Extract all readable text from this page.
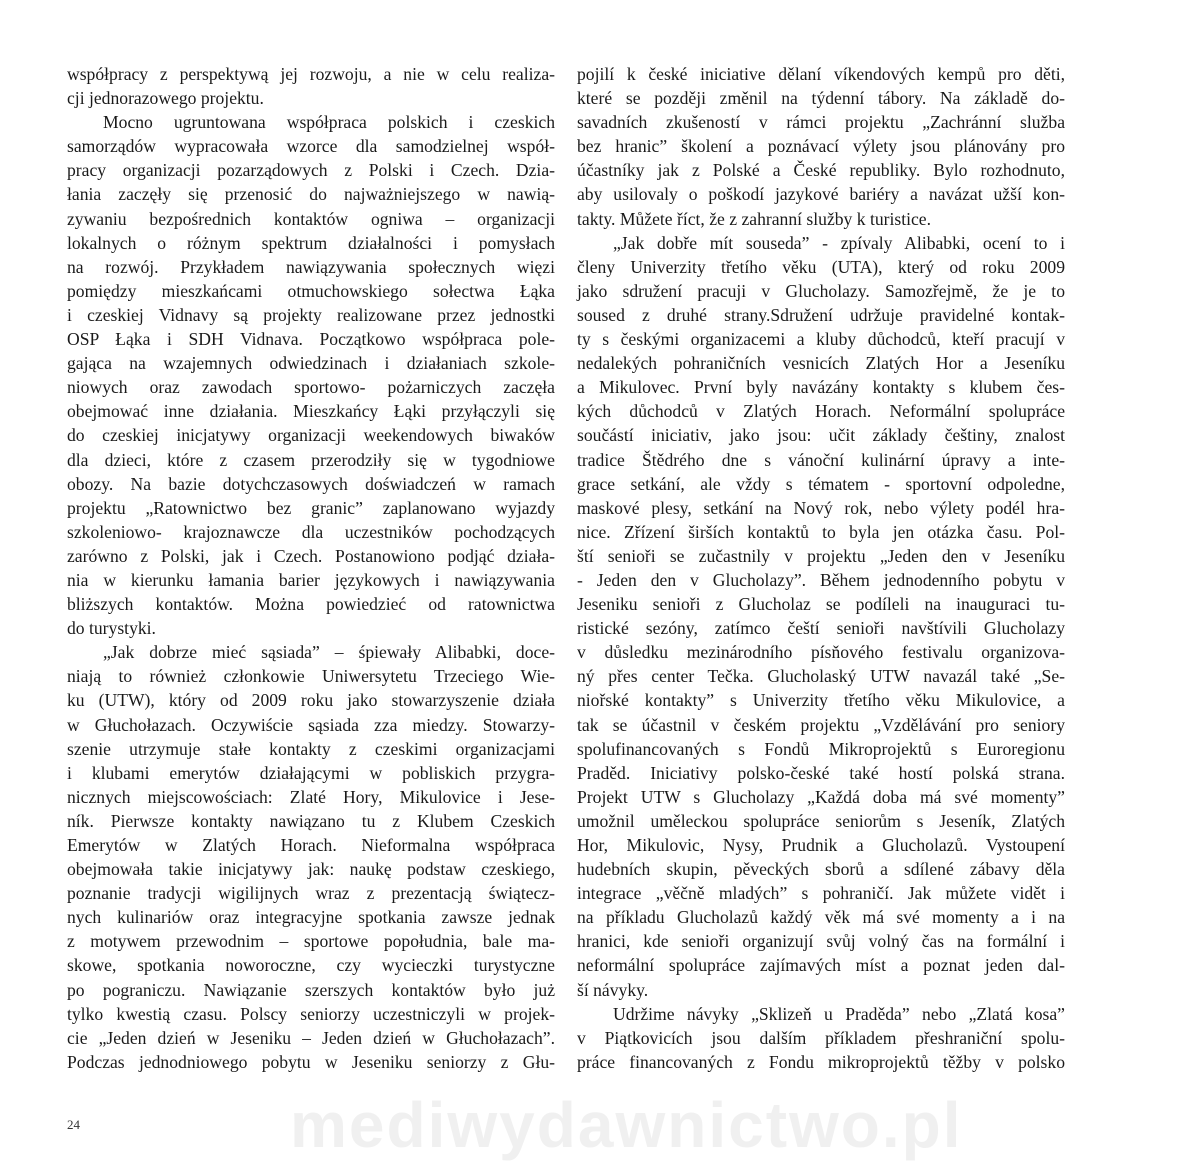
współpracy z perspektywą jej rozwoju, a nie w celu realiza-
cji jednorazowego projektu.
Mocno ugruntowana współpraca polskich i czeskich
samorządów wypracowała wzorce dla samodzielnej współ-
pracy organizacji pozarządowych z Polski i Czech. Dzia-
łania zaczęły się przenosić do najważniejszego w nawią-
zywaniu bezpośrednich kontaktów ogniwa – organizacji
lokalnych o różnym spektrum działalności i pomysłach
na rozwój. Przykładem nawiązywania społecznych więzi
pomiędzy mieszkańcami otmuchowskiego sołectwa Łąka
i czeskiej Vidnavy są projekty realizowane przez jednostki
OSP Łąka i SDH Vidnava. Początkowo współpraca pole-
gająca na wzajemnych odwiedzinach i działaniach szkole-
niowych oraz zawodach sportowo- pożarniczych zaczęła
obejmować inne działania. Mieszkańcy Łąki przyłączyli się
do czeskiej inicjatywy organizacji weekendowych biwaków
dla dzieci, które z czasem przerodziły się w tygodniowe
obozy. Na bazie dotychczasowych doświadczeń w ramach
projektu „Ratownictwo bez granic” zaplanowano wyjazdy
szkoleniowo- krajoznawcze dla uczestników pochodzących
zarówno z Polski, jak i Czech. Postanowiono podjąć działa-
nia w kierunku łamania barier językowych i nawiązywania
bliższych kontaktów. Można powiedzieć od ratownictwa
do turystyki.
„Jak dobrze mieć sąsiada” – śpiewały Alibabki, doce-
niają to również członkowie Uniwersytetu Trzeciego Wie-
ku (UTW), który od 2009 roku jako stowarzyszenie działa
w Głuchołazach. Oczywiście sąsiada zza miedzy. Stowarzy-
szenie utrzymuje stałe kontakty z czeskimi organizacjami
i klubami emerytów działającymi w pobliskich przygra-
nicznych miejscowościach: Zlaté Hory, Mikulovice i Jese-
ník. Pierwsze kontakty nawiązano tu z Klubem Czeskich
Emerytów w Zlatých Horach. Nieformalna współpraca
obejmowała takie inicjatywy jak: naukę podstaw czeskiego,
poznanie tradycji wigilijnych wraz z prezentacją świątecz-
nych kulinariów oraz integracyjne spotkania zawsze jednak
z motywem przewodnim – sportowe popołudnia, bale ma-
skowe, spotkania noworoczne, czy wycieczki turystyczne
po pograniczu. Nawiązanie szerszych kontaktów było już
tylko kwestią czasu. Polscy seniorzy uczestniczyli w projek-
cie „Jeden dzień w Jeseniku – Jeden dzień w Głuchołazach”.
Podczas jednodniowego pobytu w Jeseniku seniorzy z Głu-
pojilí k české iniciative dělaní víkendových kempů pro děti,
které se později změnil na týdenní tábory. Na základě do-
savadních zkušeností v rámci projektu „Zachránní služba
bez hranic” školení a poznávací výlety jsou plánovány pro
účastníky jak z Polské a České republiky. Bylo rozhodnuto,
aby usilovaly o poškodí jazykové bariéry a navázat užší kon-
takty. Můžete říct, že z zahranní služby k turistice.
„Jak dobře mít souseda” - zpívaly Alibabki, ocení to i
členy Univerzity třetího věku (UTA), který od roku 2009
jako sdružení pracuji v Glucholazy. Samozřejmě, že je to
soused z druhé strany.Sdružení udržuje pravidelné kontak-
ty s českými organizacemi a kluby důchodců, kteří pracují v
nedalekých pohraničních vesnicích Zlatých Hor a Jeseníku
a Mikulovec. První byly navázány kontakty s klubem čes-
kých důchodců v Zlatých Horach. Neformální spolupráce
součástí iniciativ, jako jsou: učit základy češtiny, znalost
tradice Štědrého dne s vánoční kulinární úpravy a inte-
grace setkání, ale vždy s tématem - sportovní odpoledne,
maskové plesy, setkání na Nový rok, nebo výlety podél hra-
nice. Zřízení širších kontaktů to byla jen otázka času. Pol-
ští senioři se zučastnily v projektu „Jeden den v Jeseníku
- Jeden den v Glucholazy”. Během jednodenního pobytu v
Jeseniku senioři z Glucholaz se podíleli na inauguraci tu-
ristické sezóny, zatímco čeští senioři navštívili Glucholazy
v důsledku mezinárodního písňového festivalu organizova-
ný přes center Tečka. Glucholaský UTW navazál také „Se-
niořské kontakty” s Univerzity třetího věku Mikulovice, a
tak se účastnil v českém projektu „Vzdělávání pro seniory
spolufinancovaných s Fondů Mikroprojektů s Euroregionu
Praděd. Iniciativy polsko-české také hostí polská strana.
Projekt UTW s Glucholazy „Každá doba má své momenty”
umožnil uměleckou spolupráce seniorům s Jeseník, Zlatých
Hor, Mikulovic, Nysy, Prudnik a Glucholazů. Vystoupení
hudebních skupin, pěveckých sborů a sdílené zábavy děla
integrace „věčně mladých” s pohraničí. Jak můžete vidět i
na příkladu Glucholazů každý věk má své momenty a i na
hranici, kde senioři organizují svůj volný čas na formální i
neformální spolupráce zajímavých míst a poznat jeden dal-
ší návyky.
Udržime návyky „Sklizeň u Praděda” nebo „Zlatá kosa”
v Piątkovicích jsou dalším příkladem přeshraniční spolu-
práce financovaných z Fondu mikroprojektů těžby v polsko
mediwydawnictwo.pl
24
